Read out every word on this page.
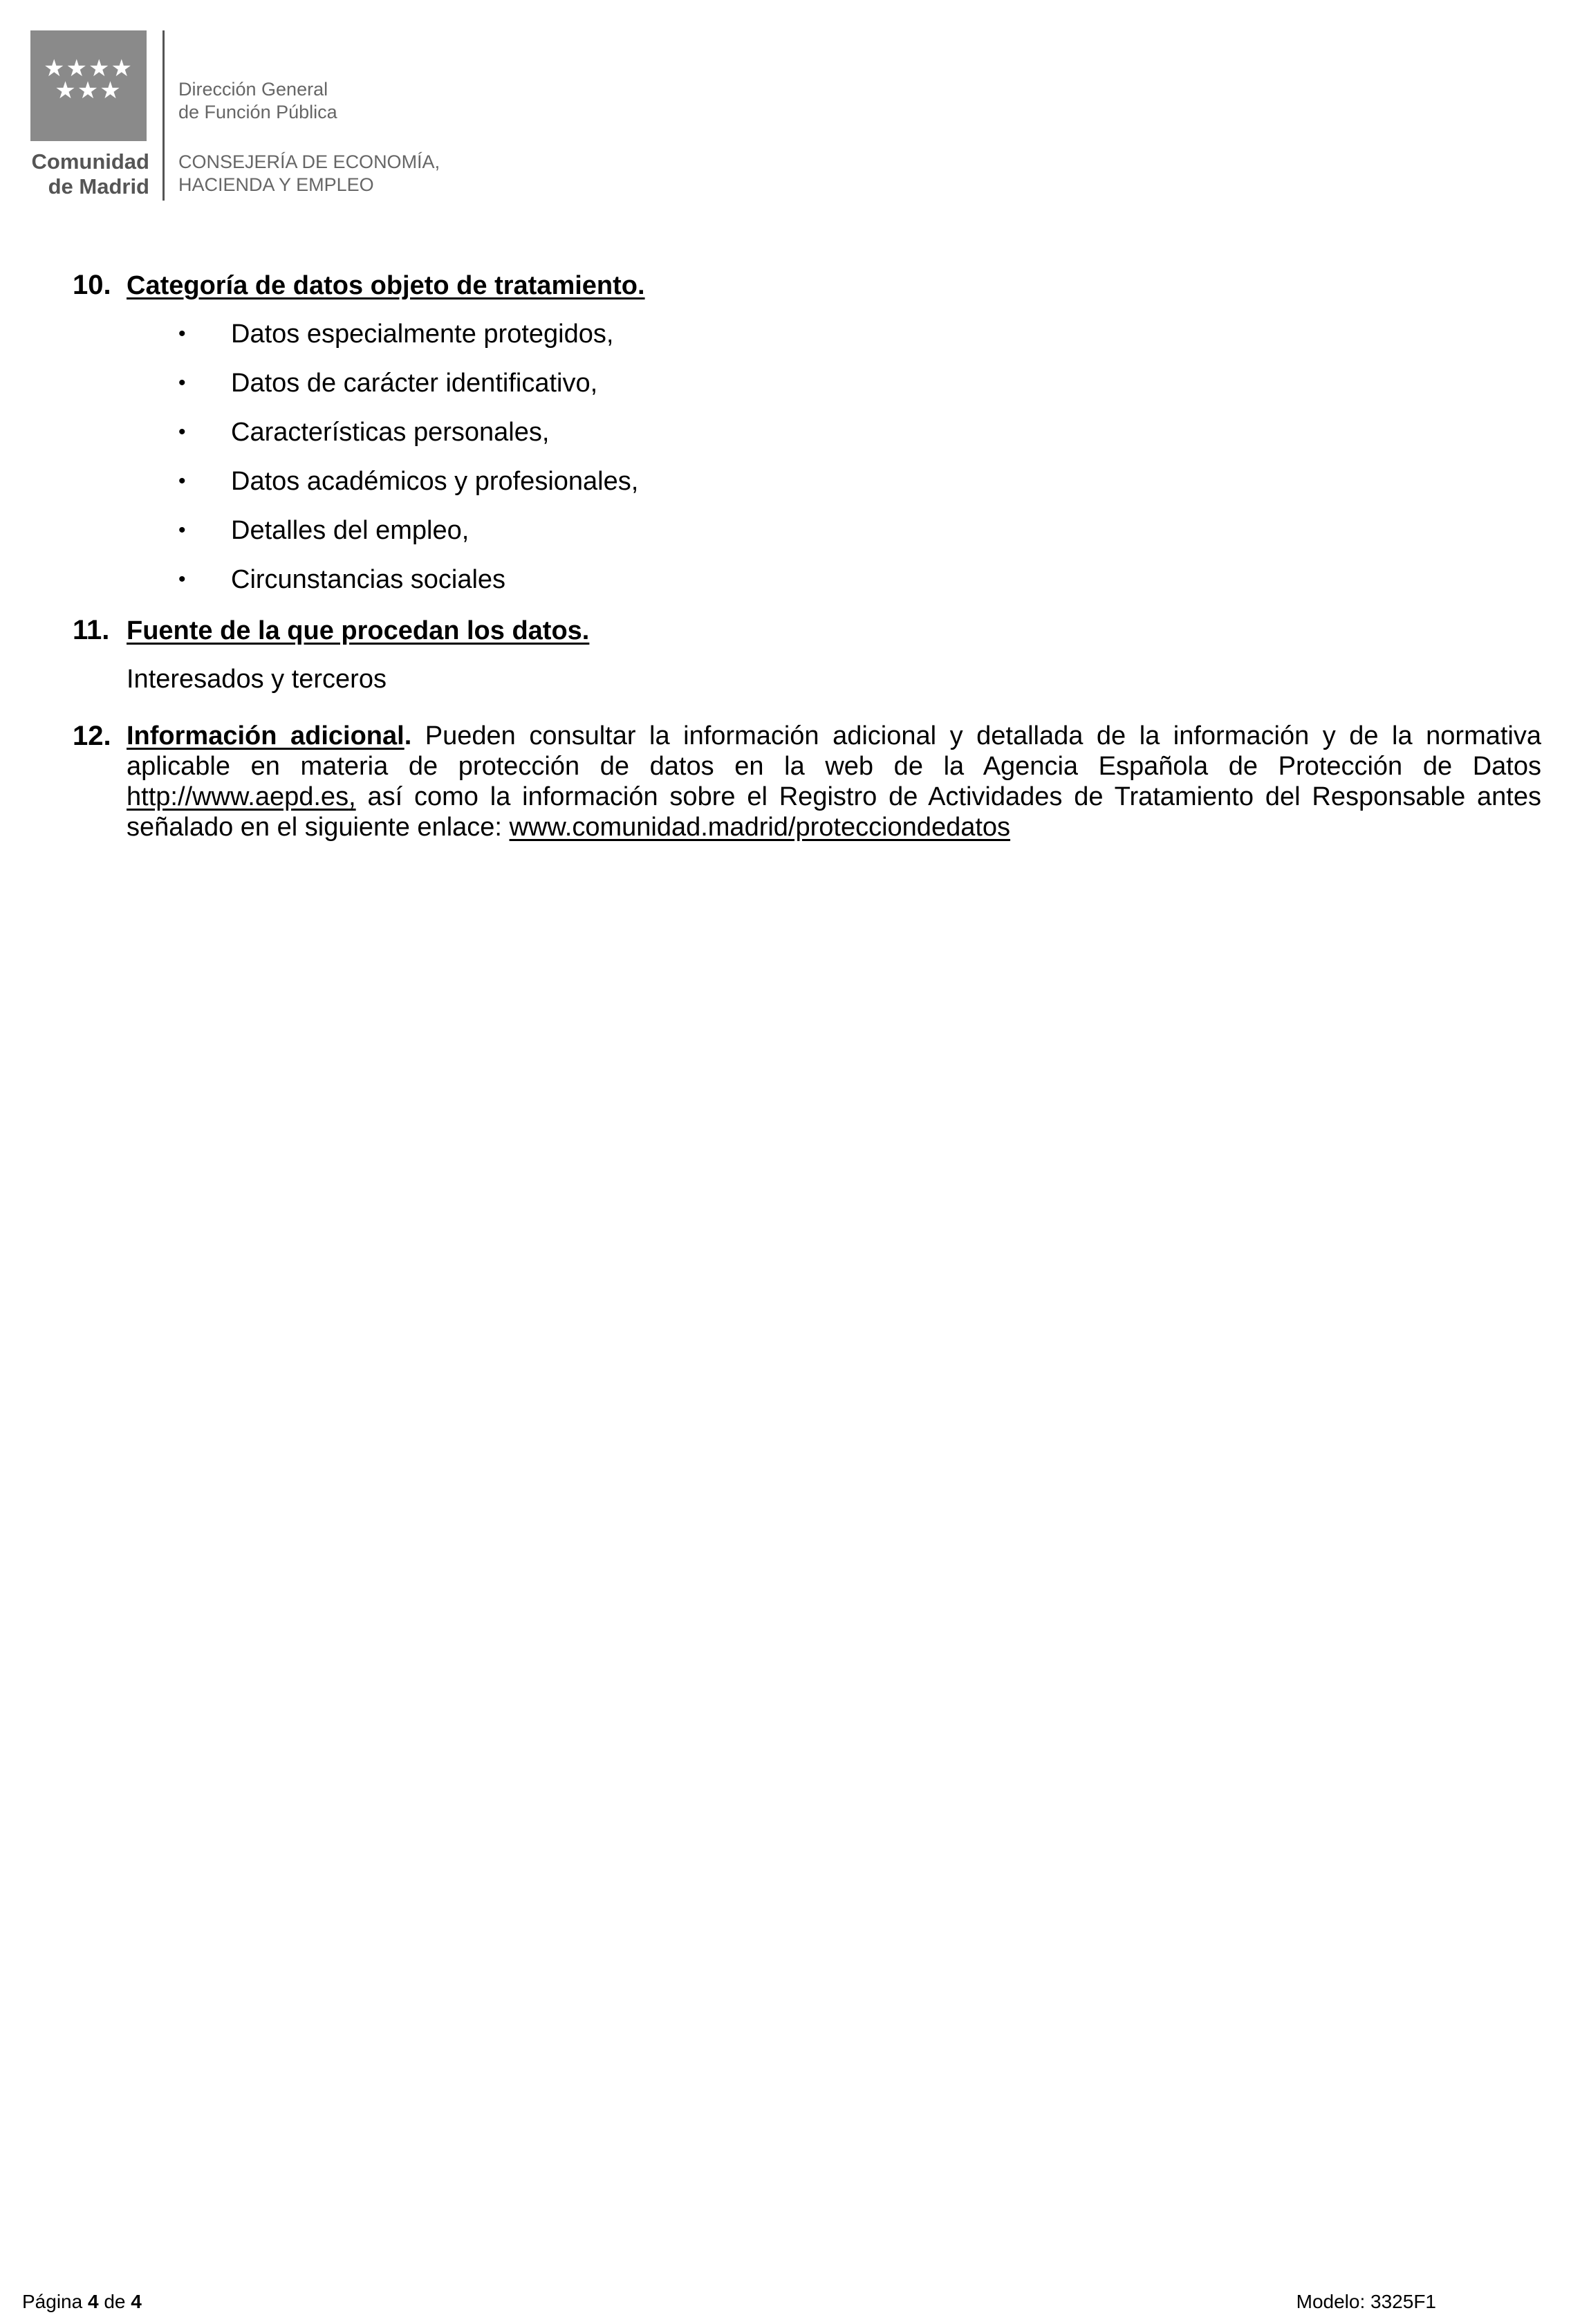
★★★★
★★★
Comunidad
de Madrid
Dirección General
de Función Pública
CONSEJERÍA DE ECONOMÍA,
HACIENDA Y EMPLEO
10. Categoría de datos objeto de tratamiento.
• Datos especialmente protegidos,
• Datos de carácter identificativo,
• Características personales,
• Datos académicos y profesionales,
• Detalles del empleo,
• Circunstancias sociales
11. Fuente de la que procedan los datos.
Interesados y terceros
12. Información adicional. Pueden consultar la información adicional y detallada de la información y de la normativa aplicable en materia de protección de datos en la web de la Agencia Española de Protección de Datos http://www.aepd.es, así como la información sobre el Registro de Actividades de Tratamiento del Responsable antes señalado en el siguiente enlace: www.comunidad.madrid/protecciondedatos
Página 4 de 4	Modelo: 3325F1
